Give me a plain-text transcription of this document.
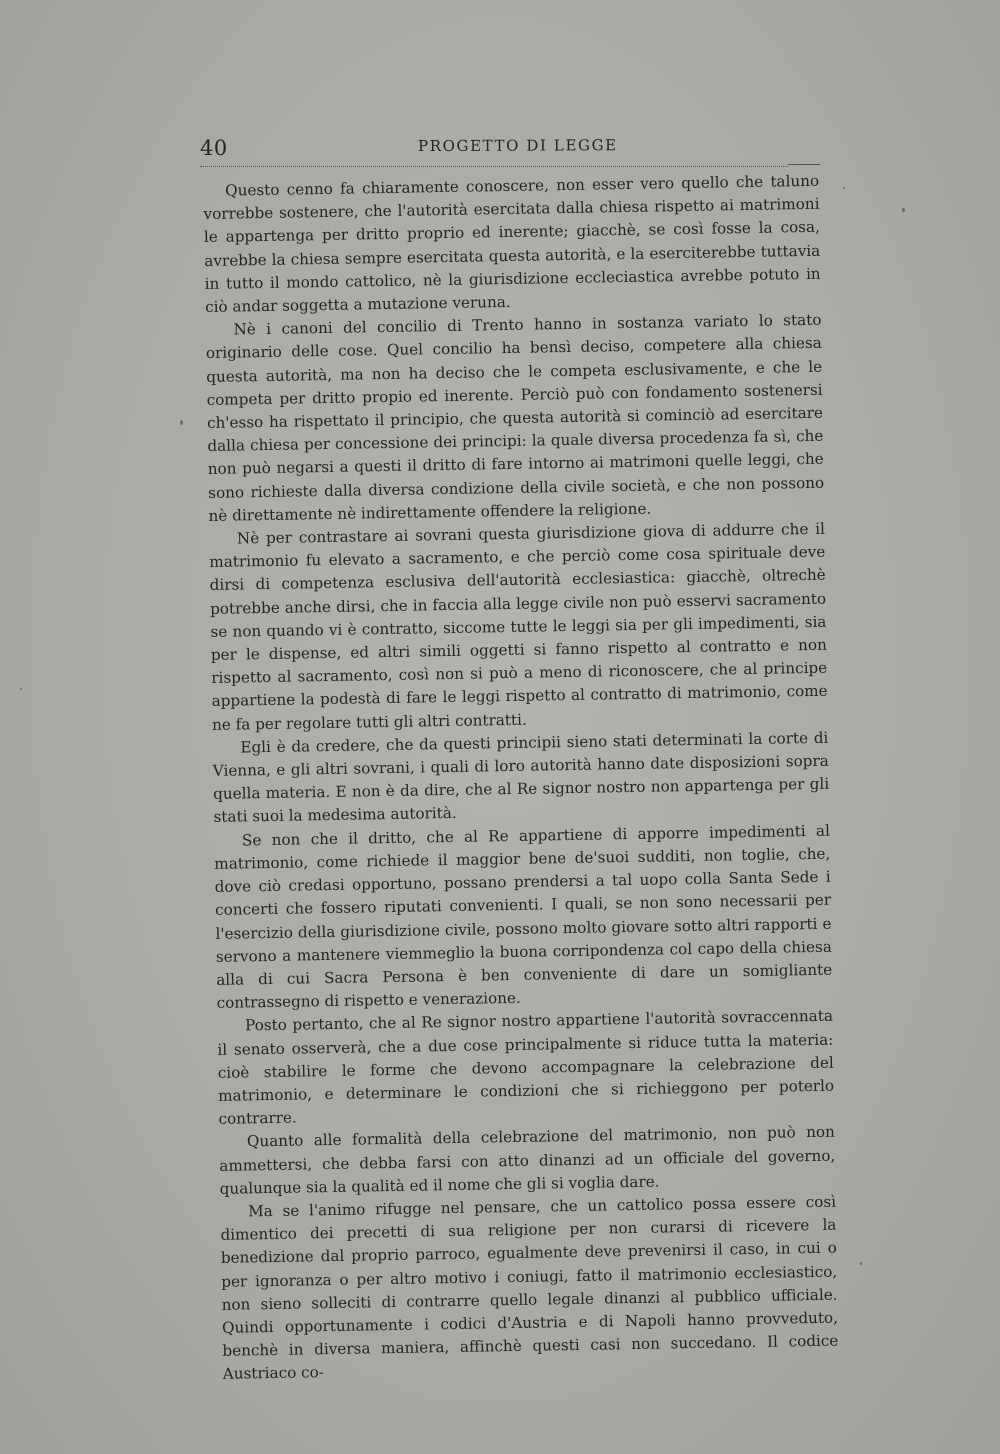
40	PROGETTO DI LEGGE

Questo cenno fa chiaramente conoscere, non esser vero quello che taluno vorrebbe sostenere, che l'autorità esercitata dalla chiesa rispetto ai matrimoni le appartenga per dritto proprio ed inerente; giacchè, se così fosse la cosa, avrebbe la chiesa sempre esercitata questa autorità, e la eserciterebbe tuttavia in tutto il mondo cattolico, nè la giurisdizione eccleciastica avrebbe potuto in ciò andar soggetta a mutazione veruna.

Nè i canoni del concilio di Trento hanno in sostanza variato lo stato originario delle cose. Quel concilio ha bensì deciso, competere alla chiesa questa autorità, ma non ha deciso che le competa esclusivamente, e che le competa per dritto propio ed inerente. Perciò può con fondamento sostenersi ch'esso ha rispettato il principio, che questa autorità si cominciò ad esercitare dalla chiesa per concessione dei principi: la quale diversa procedenza fa sì, che non può negarsi a questi il dritto di fare intorno ai matrimoni quelle leggi, che sono richieste dalla diversa condizione della civile società, e che non possono nè direttamente nè indirettamente offendere la religione.

Nè per contrastare ai sovrani questa giurisdizione giova di addurre che il matrimonio fu elevato a sacramento, e che perciò come cosa spirituale deve dirsi di competenza esclusiva dell'autorità ecclesiastica: giacchè, oltrechè potrebbe anche dirsi, che in faccia alla legge civile non può esservi sacramento se non quando vi è contratto, siccome tutte le leggi sia per gli impedimenti, sia per le dispense, ed altri simili oggetti si fanno rispetto al contratto e non rispetto al sacramento, così non si può a meno di riconoscere, che al principe appartiene la podestà di fare le leggi rispetto al contratto di matrimonio, come ne fa per regolare tutti gli altri contratti.

Egli è da credere, che da questi principii sieno stati determinati la corte di Vienna, e gli altri sovrani, i quali di loro autorità hanno date disposizioni sopra quella materia. E non è da dire, che al Re signor nostro non appartenga per gli stati suoi la medesima autorità.

Se non che il dritto, che al Re appartiene di apporre impedimenti al matrimonio, come richiede il maggior bene de'suoi sudditi, non toglie, che, dove ciò credasi opportuno, possano prendersi a tal uopo colla Santa Sede i concerti che fossero riputati convenienti. I quali, se non sono necessarii per l'esercizio della giurisdizione civile, possono molto giovare sotto altri rapporti e servono a mantenere viemmeglio la buona corripondenza col capo della chiesa alla di cui Sacra Persona è ben conveniente di dare un somigliante contrassegno di rispetto e venerazione.

Posto pertanto, che al Re signor nostro appartiene l'autorità sovraccennata il senato osserverà, che a due cose principalmente si riduce tutta la materia: cioè stabilire le forme che devono accompagnare la celebrazione del matrimonio, e determinare le condizioni che si richieggono per poterlo contrarre.

Quanto alle formalità della celebrazione del matrimonio, non può non ammettersi, che debba farsi con atto dinanzi ad un officiale del governo, qualunque sia la qualità ed il nome che gli si voglia dare.

Ma se l'animo rifugge nel pensare, che un cattolico possa essere così dimentico dei precetti di sua religione per non curarsi di ricevere la benedizione dal proprio parroco, egualmente deve prevenirsi il caso, in cui o per ignoranza o per altro motivo i coniugi, fatto il matrimonio ecclesiastico, non sieno solleciti di contrarre quello legale dinanzi al pubblico ufficiale. Quindi opportunamente i codici d'Austria e di Napoli hanno provveduto, benchè in diversa maniera, affinchè questi casi non succedano. Il codice Austriaco co-
